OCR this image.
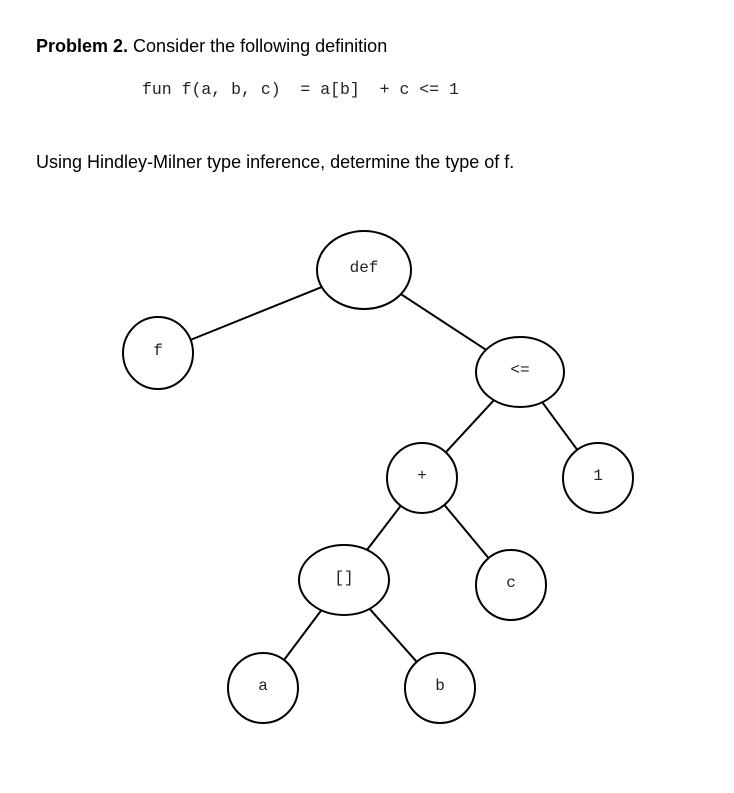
Problem 2. Consider the following definition
fun f(a, b, c)  = a[b]  + c <= 1
Using Hindley-Milner type inference, determine the type of f.
def
f
<=
+	1
[]	c
a	b
